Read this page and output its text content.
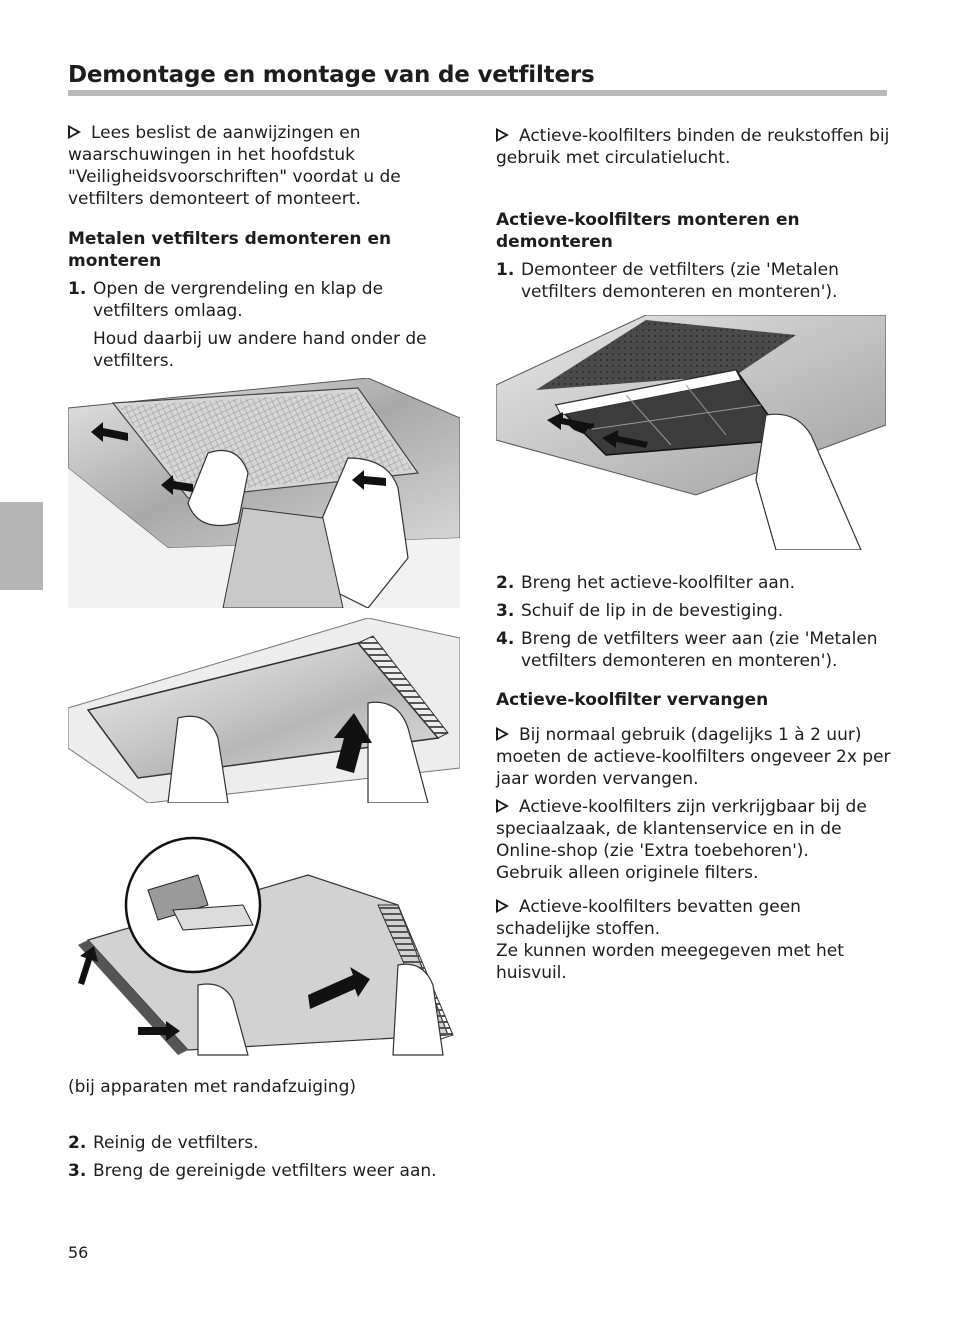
Demontage en montage van de vetfilters

Lees beslist de aanwijzingen en waarschuwingen in het hoofdstuk "Veiligheidsvoorschriften" voordat u de vetfilters demonteert of monteert.

Metalen vetfilters demonteren en monteren

1. Open de vergrendeling en klap de vetfilters omlaag.
Houd daarbij uw andere hand onder de vetfilters.

(bij apparaten met randafzuiging)

2. Reinig de vetfilters.
3. Breng de gereinigde vetfilters weer aan.

Actieve-koolfilters binden de reukstoffen bij gebruik met circulatielucht.

Actieve-koolfilters monteren en demonteren

1. Demonteer de vetfilters (zie 'Metalen vetfilters demonteren en monteren').
2. Breng het actieve-koolfilter aan.
3. Schuif de lip in de bevestiging.
4. Breng de vetfilters weer aan (zie 'Metalen vetfilters demonteren en monteren').

Actieve-koolfilter vervangen

Bij normaal gebruik (dagelijks 1 à 2 uur) moeten de actieve-koolfilters ongeveer 2x per jaar worden vervangen.

Actieve-koolfilters zijn verkrijgbaar bij de speciaalzaak, de klantenservice en in de Online-shop (zie 'Extra toebehoren'). Gebruik alleen originele filters.

Actieve-koolfilters bevatten geen schadelijke stoffen.
Ze kunnen worden meegegeven met het huisvuil.

56
